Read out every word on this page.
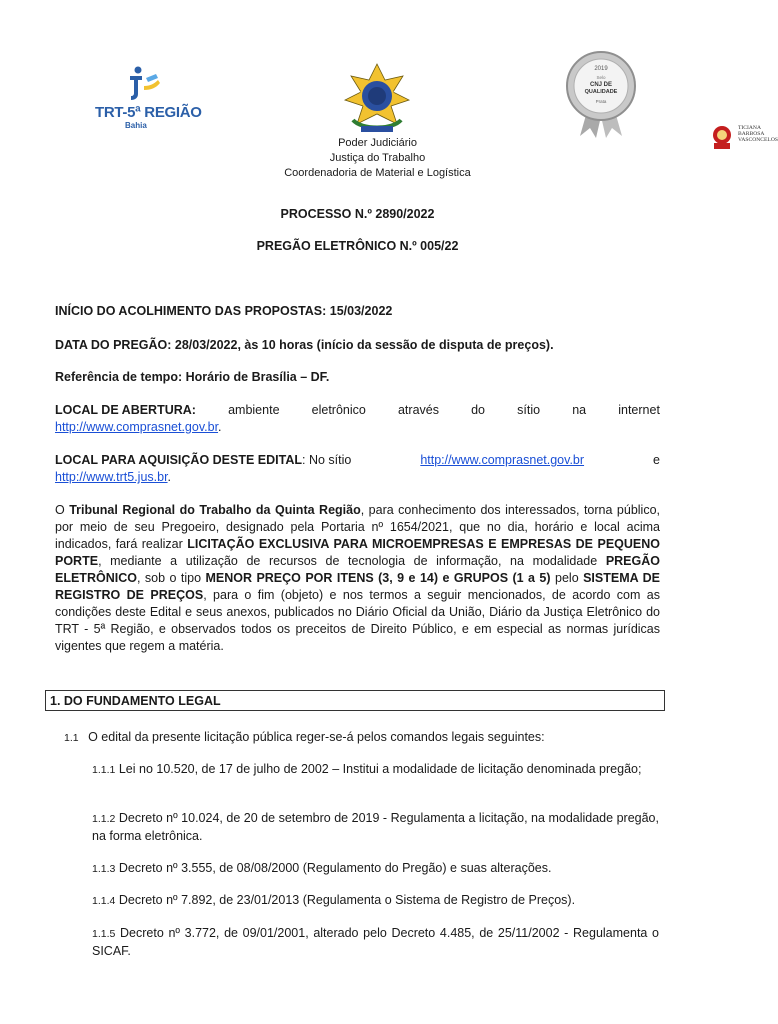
TRT-5ª REGIÃO
Bahia
2019
Selo
CNJ DE
QUALIDADE
Prata
TICIANA BARBOSA VASCONCELOS
Poder Judiciário
Justiça do Trabalho
Coordenadoria de Material e Logística
PROCESSO N.º 2890/2022
PREGÃO ELETRÔNICO N.º 005/22
INÍCIO DO ACOLHIMENTO DAS PROPOSTAS: 15/03/2022
DATA DO PREGÃO: 28/03/2022, às 10 horas (início da sessão de disputa de preços).
Referência de tempo: Horário de Brasília – DF.
LOCAL DE ABERTURA:	ambiente	eletrônico	através	do	sítio	na	internet
http://www.comprasnet.gov.br.
LOCAL PARA AQUISIÇÃO DESTE EDITAL: No sítio	http://www.comprasnet.gov.br	e
http://www.trt5.jus.br.
O Tribunal Regional do Trabalho da Quinta Região, para conhecimento dos interessados, torna público, por meio de seu Pregoeiro, designado pela Portaria nº 1654/2021, que no dia, horário e local acima indicados, fará realizar LICITAÇÃO EXCLUSIVA PARA MICROEMPRESAS E EMPRESAS DE PEQUENO PORTE, mediante a utilização de recursos de tecnologia de informação, na modalidade PREGÃO ELETRÔNICO, sob o tipo MENOR PREÇO POR ITENS (3, 9 e 14) e GRUPOS (1 a 5) pelo SISTEMA DE REGISTRO DE PREÇOS, para o fim (objeto) e nos termos a seguir mencionados, de acordo com as condições deste Edital e seus anexos, publicados no Diário Oficial da União, Diário da Justiça Eletrônico do TRT - 5ª Região, e observados todos os preceitos de Direito Público, e em especial as normas jurídicas vigentes que regem a matéria.
1. DO FUNDAMENTO LEGAL
1.1 O edital da presente licitação pública reger-se-á pelos comandos legais seguintes:
1.1.1 Lei no 10.520, de 17 de julho de 2002 – Institui a modalidade de licitação denominada pregão;
1.1.2 Decreto nº 10.024, de 20 de setembro de 2019 - Regulamenta a licitação, na modalidade pregão, na forma eletrônica.
1.1.3 Decreto nº 3.555, de 08/08/2000 (Regulamento do Pregão) e suas alterações.
1.1.4 Decreto nº 7.892, de 23/01/2013 (Regulamenta o Sistema de Registro de Preços).
1.1.5 Decreto nº 3.772, de 09/01/2001, alterado pelo Decreto 4.485, de 25/11/2002 - Regulamenta o SICAF.
